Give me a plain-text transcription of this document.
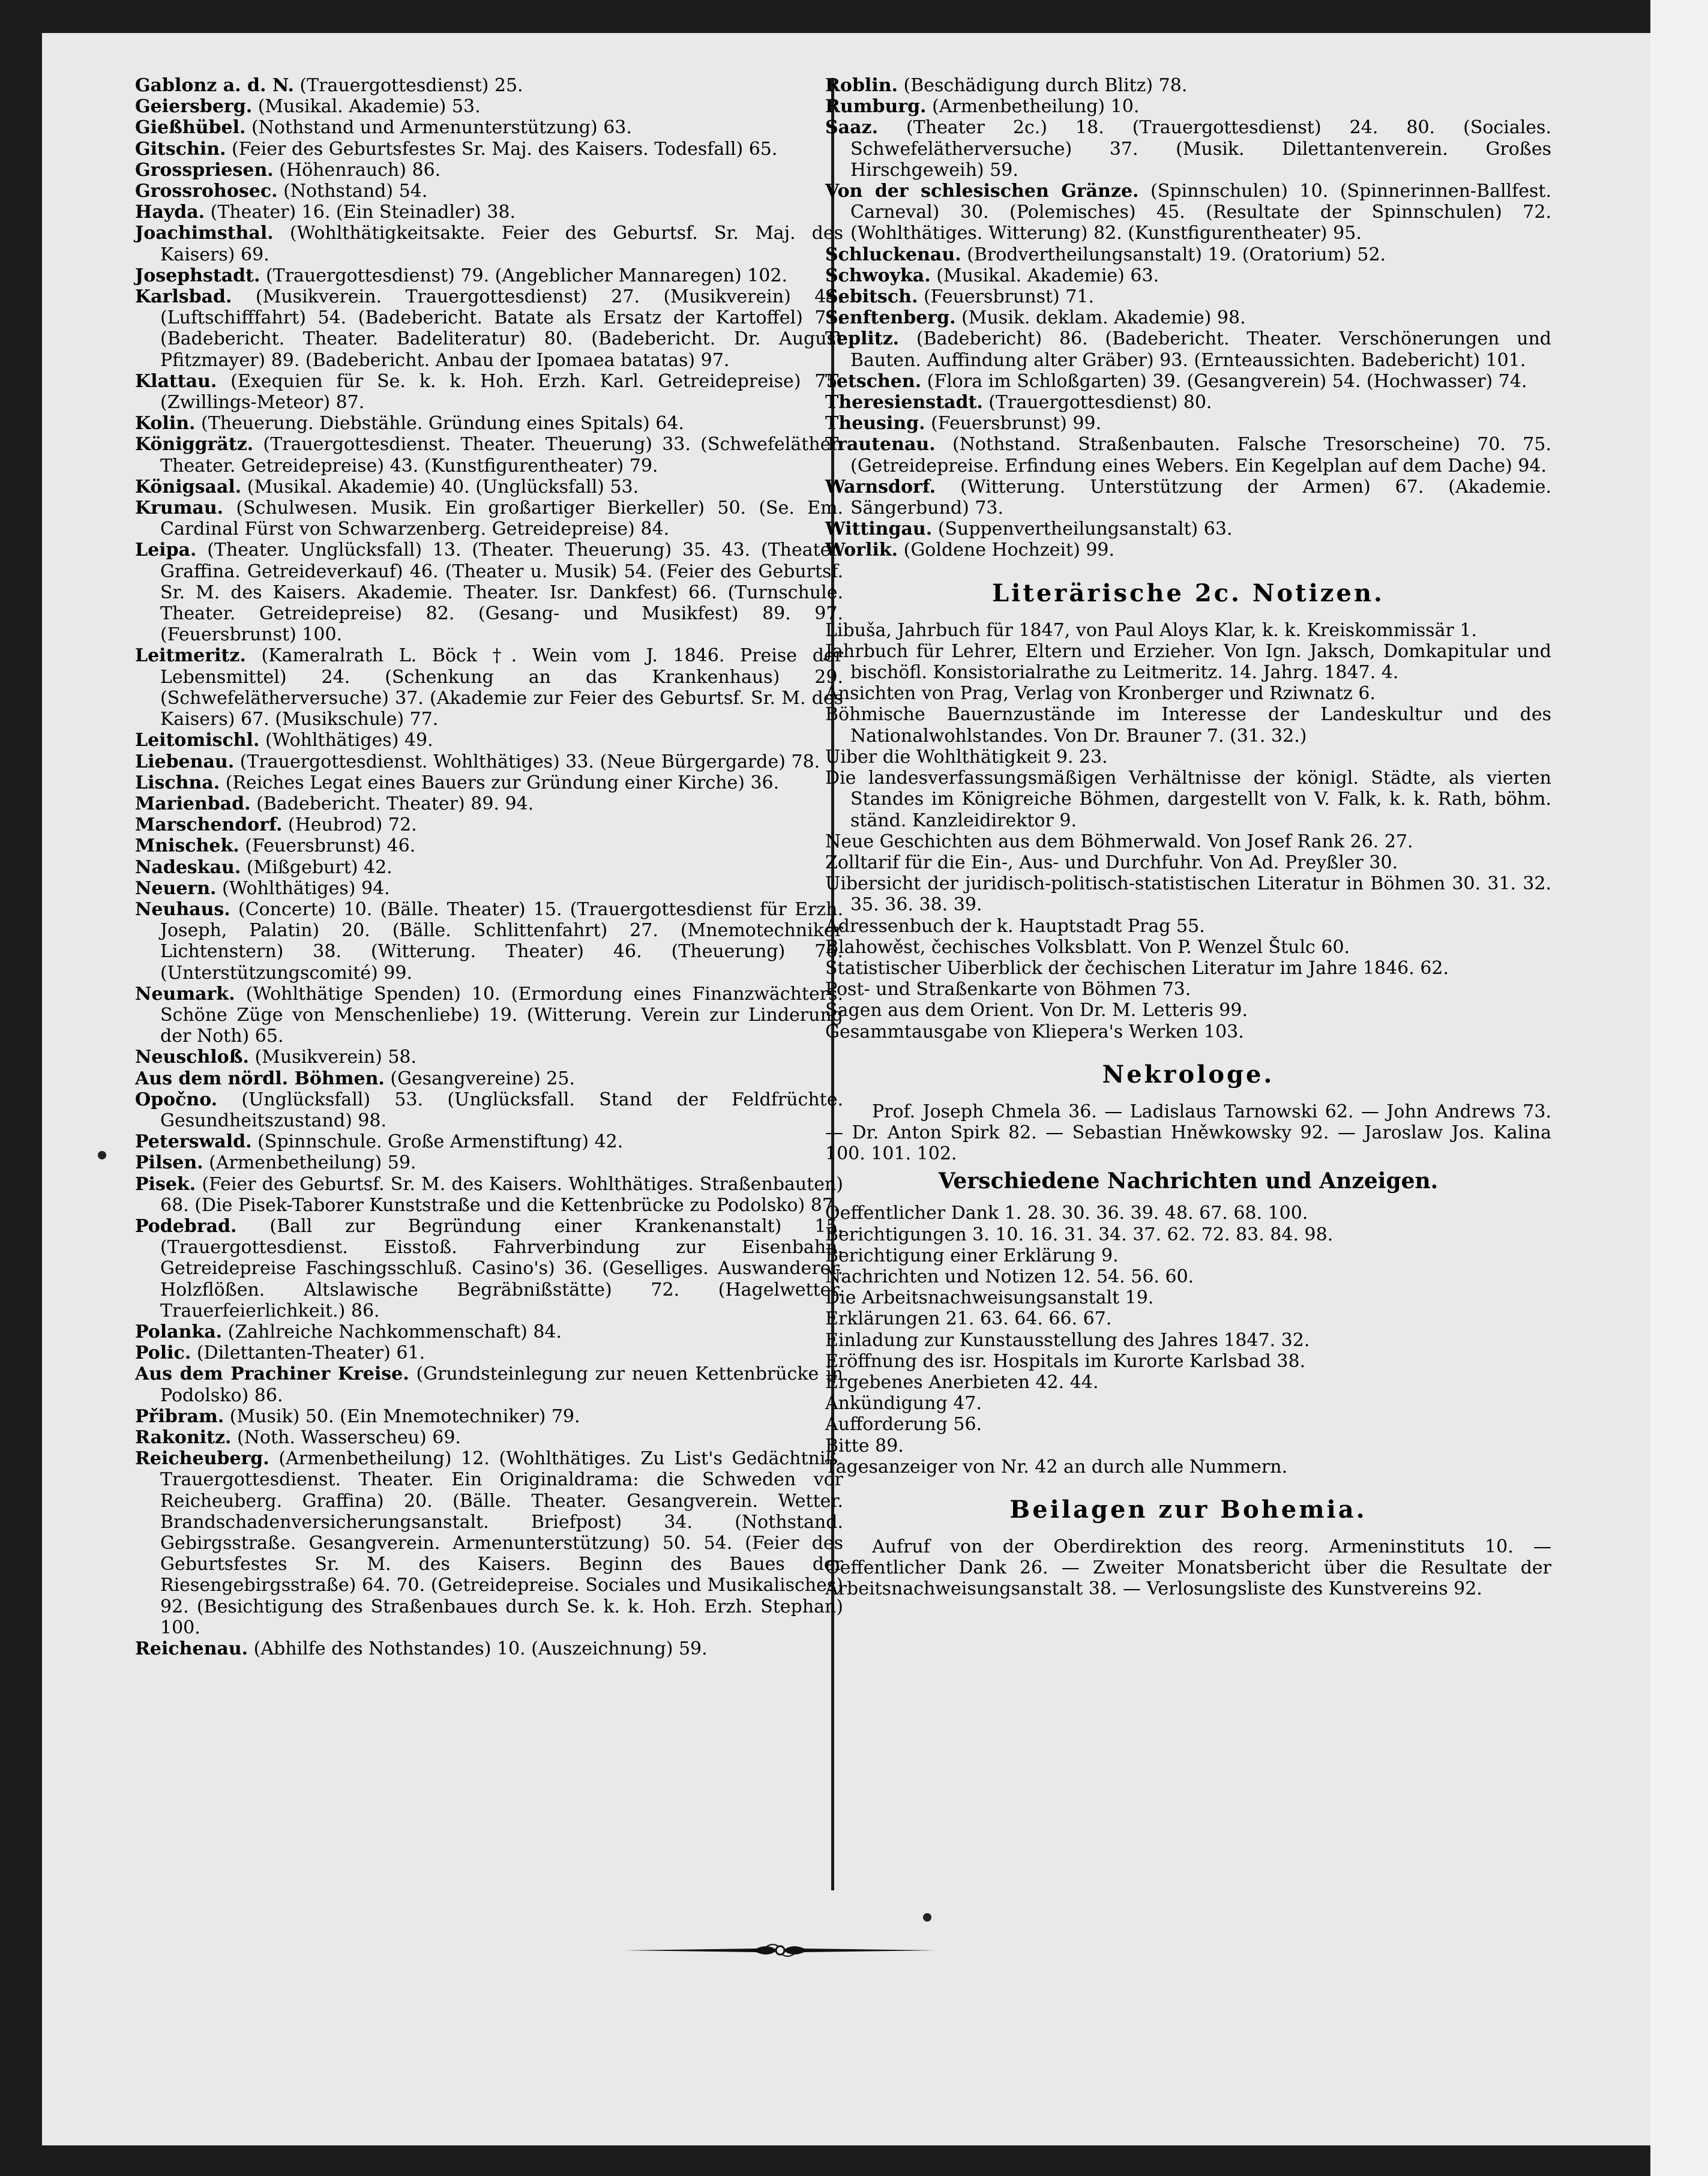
Gablonz a. d. N. (Trauergottesdienst) 25.

Geiersberg. (Musikal. Akademie) 53.

Gießhübel. (Nothstand und Armenunterstützung) 63.

Gitschin. (Feier des Geburtsfestes Sr. Maj. des Kaisers. Todesfall) 65.

Grosspriesen. (Höhenrauch) 86.

Grossrohosec. (Nothstand) 54.

Hayda. (Theater) 16. (Ein Steinadler) 38.

Joachimsthal. (Wohlthätigkeitsakte. Feier des Geburtsf. Sr. Maj. des Kaisers) 69.

Josephstadt. (Trauergottesdienst) 79. (Angeblicher Mannaregen) 102.

Karlsbad. (Musikverein. Trauergottesdienst) 27. (Musikverein) 44. (Luftschifffahrt) 54. (Badebericht. Batate als Ersatz der Kartoffel) 71. (Badebericht. Theater. Badeliteratur) 80. (Badebericht. Dr. August Pfitzmayer) 89. (Badebericht. Anbau der Ipomaea batatas) 97.

Klattau. (Exequien für Se. k. k. Hoh. Erzh. Karl. Getreidepreise) 75. (Zwillings-Meteor) 87.

Kolin. (Theuerung. Diebstähle. Gründung eines Spitals) 64.

Königgrätz. (Trauergottesdienst. Theater. Theuerung) 33. (Schwefeläther. Theater. Getreidepreise) 43. (Kunstfigurentheater) 79.

Königsaal. (Musikal. Akademie) 40. (Unglücksfall) 53.

Krumau. (Schulwesen. Musik. Ein großartiger Bierkeller) 50. (Se. Em. Cardinal Fürst von Schwarzenberg. Getreidepreise) 84.

Leipa. (Theater. Unglücksfall) 13. (Theater. Theuerung) 35. 43. (Theater. Graffina. Getreideverkauf) 46. (Theater u. Musik) 54. (Feier des Geburtsf. Sr. M. des Kaisers. Akademie. Theater. Isr. Dankfest) 66. (Turnschule. Theater. Getreidepreise) 82. (Gesang- und Musikfest) 89. 97. (Feuersbrunst) 100.

Leitmeritz. (Kameralrath L. Böck †. Wein vom J. 1846. Preise der Lebensmittel) 24. (Schenkung an das Krankenhaus) 29. (Schwefelätherversuche) 37. (Akademie zur Feier des Geburtsf. Sr. M. des Kaisers) 67. (Musikschule) 77.

Leitomischl. (Wohlthätiges) 49.

Liebenau. (Trauergottesdienst. Wohlthätiges) 33. (Neue Bürgergarde) 78.

Lischna. (Reiches Legat eines Bauers zur Gründung einer Kirche) 36.

Marienbad. (Badebericht. Theater) 89. 94.

Marschendorf. (Heubrod) 72.

Mnischek. (Feuersbrunst) 46.

Nadeskau. (Mißgeburt) 42.

Neuern. (Wohlthätiges) 94.

Neuhaus. (Concerte) 10. (Bälle. Theater) 15. (Trauergottesdienst für Erzh. Joseph, Palatin) 20. (Bälle. Schlittenfahrt) 27. (Mnemotechniker Lichtenstern) 38. (Witterung. Theater) 46. (Theuerung) 76. (Unterstützungscomité) 99.

Neumark. (Wohlthätige Spenden) 10. (Ermordung eines Finanzwächters. Schöne Züge von Menschenliebe) 19. (Witterung. Verein zur Linderung der Noth) 65.

Neuschloß. (Musikverein) 58.

Aus dem nördl. Böhmen. (Gesangvereine) 25.

Opočno. (Unglücksfall) 53. (Unglücksfall. Stand der Feldfrüchte. Gesundheitszustand) 98.

Peterswald. (Spinnschule. Große Armenstiftung) 42.

Pilsen. (Armenbetheilung) 59.

Pisek. (Feier des Geburtsf. Sr. M. des Kaisers. Wohlthätiges. Straßenbauten) 68. (Die Pisek-Taborer Kunststraße und die Kettenbrücke zu Podolsko) 87.

Podebrad. (Ball zur Begründung einer Krankenanstalt) 15. (Trauergottesdienst. Eisstoß. Fahrverbindung zur Eisenbahn. Getreidepreise Faschingsschluß. Casino's) 36. (Geselliges. Auswanderer. Holzflößen. Altslawische Begräbnißstätte) 72. (Hagelwetter. Trauerfeierlichkeit.) 86.

Polanka. (Zahlreiche Nachkommenschaft) 84.

Polic. (Dilettanten-Theater) 61.

Aus dem Prachiner Kreise. (Grundsteinlegung zur neuen Kettenbrücke in Podolsko) 86.

Přibram. (Musik) 50. (Ein Mnemotechniker) 79.

Rakonitz. (Noth. Wasserscheu) 69.

Reicheuberg. (Armenbetheilung) 12. (Wohlthätiges. Zu List's Gedächtniß. Trauergottesdienst. Theater. Ein Originaldrama: die Schweden vor Reicheuberg. Graffina) 20. (Bälle. Theater. Gesangverein. Wetter. Brandschadenversicherungsanstalt. Briefpost) 34. (Nothstand. Gebirgsstraße. Gesangverein. Armenunterstützung) 50. 54. (Feier des Geburtsfestes Sr. M. des Kaisers. Beginn des Baues der Riesengebirgsstraße) 64. 70. (Getreidepreise. Sociales und Musikalisches) 92. (Besichtigung des Straßenbaues durch Se. k. k. Hoh. Erzh. Stephan) 100.

Reichenau. (Abhilfe des Nothstandes) 10. (Auszeichnung) 59.

Roblin. (Beschädigung durch Blitz) 78.

Rumburg. (Armenbetheilung) 10.

Saaz. (Theater 2c.) 18. (Trauergottesdienst) 24. 80. (Sociales. Schwefelätherversuche) 37. (Musik. Dilettantenverein. Großes Hirschgeweih) 59.

Von der schlesischen Gränze. (Spinnschulen) 10. (Spinnerinnen-Ballfest. Carneval) 30. (Polemisches) 45. (Resultate der Spinnschulen) 72. (Wohlthätiges. Witterung) 82. (Kunstfigurentheater) 95.

Schluckenau. (Brodvertheilungsanstalt) 19. (Oratorium) 52.

Schwoyka. (Musikal. Akademie) 63.

Sebitsch. (Feuersbrunst) 71.

Senftenberg. (Musik. deklam. Akademie) 98.

Teplitz. (Badebericht) 86. (Badebericht. Theater. Verschönerungen und Bauten. Auffindung alter Gräber) 93. (Ernteaussichten. Badebericht) 101.

Tetschen. (Flora im Schloßgarten) 39. (Gesangverein) 54. (Hochwasser) 74.

Theresienstadt. (Trauergottesdienst) 80.

Theusing. (Feuersbrunst) 99.

Trautenau. (Nothstand. Straßenbauten. Falsche Tresorscheine) 70. 75. (Getreidepreise. Erfindung eines Webers. Ein Kegelplan auf dem Dache) 94.

Warnsdorf. (Witterung. Unterstützung der Armen) 67. (Akademie. Sängerbund) 73.

Wittingau. (Suppenvertheilungsanstalt) 63.

Worlik. (Goldene Hochzeit) 99.

Literärische 2c. Notizen.

Libuša, Jahrbuch für 1847, von Paul Aloys Klar, k. k. Kreiskommissär 1.

Jahrbuch für Lehrer, Eltern und Erzieher. Von Ign. Jaksch, Domkapitular und bischöfl. Konsistorialrathe zu Leitmeritz. 14. Jahrg. 1847. 4.

Ansichten von Prag, Verlag von Kronberger und Rziwnatz 6.

Böhmische Bauernzustände im Interesse der Landeskultur und des Nationalwohlstandes. Von Dr. Brauner 7. (31. 32.)

Uiber die Wohlthätigkeit 9. 23.

Die landesverfassungsmäßigen Verhältnisse der königl. Städte, als vierten Standes im Königreiche Böhmen, dargestellt von V. Falk, k. k. Rath, böhm. ständ. Kanzleidirektor 9.

Neue Geschichten aus dem Böhmerwald. Von Josef Rank 26. 27.

Zolltarif für die Ein-, Aus- und Durchfuhr. Von Ad. Preyßler 30.

Uibersicht der juridisch-politisch-statistischen Literatur in Böhmen 30. 31. 32. 35. 36. 38. 39.

Adressenbuch der k. Hauptstadt Prag 55.

Blahowěst, čechisches Volksblatt. Von P. Wenzel Štulc 60.

Statistischer Uiberblick der čechischen Literatur im Jahre 1846. 62.

Post- und Straßenkarte von Böhmen 73.

Sagen aus dem Orient. Von Dr. M. Letteris 99.

Gesammtausgabe von Kliepera's Werken 103.

Nekrologe.

Prof. Joseph Chmela 36. — Ladislaus Tarnowski 62. — John Andrews 73. — Dr. Anton Spirk 82. — Sebastian Hněwkowsky 92. — Jaroslaw Jos. Kalina 100. 101. 102.

Verschiedene Nachrichten und Anzeigen.

Oeffentlicher Dank 1. 28. 30. 36. 39. 48. 67. 68. 100.

Berichtigungen 3. 10. 16. 31. 34. 37. 62. 72. 83. 84. 98.

Berichtigung einer Erklärung 9.

Nachrichten und Notizen 12. 54. 56. 60.

Die Arbeitsnachweisungsanstalt 19.

Erklärungen 21. 63. 64. 66. 67.

Einladung zur Kunstausstellung des Jahres 1847. 32.

Eröffnung des isr. Hospitals im Kurorte Karlsbad 38.

Ergebenes Anerbieten 42. 44.

Ankündigung 47.

Aufforderung 56.

Bitte 89.

Tagesanzeiger von Nr. 42 an durch alle Nummern.

Beilagen zur Bohemia.

Aufruf von der Oberdirektion des reorg. Armeninstituts 10. — Oeffentlicher Dank 26. — Zweiter Monatsbericht über die Resultate der Arbeitsnachweisungsanstalt 38. — Verlosungsliste des Kunstvereins 92.
